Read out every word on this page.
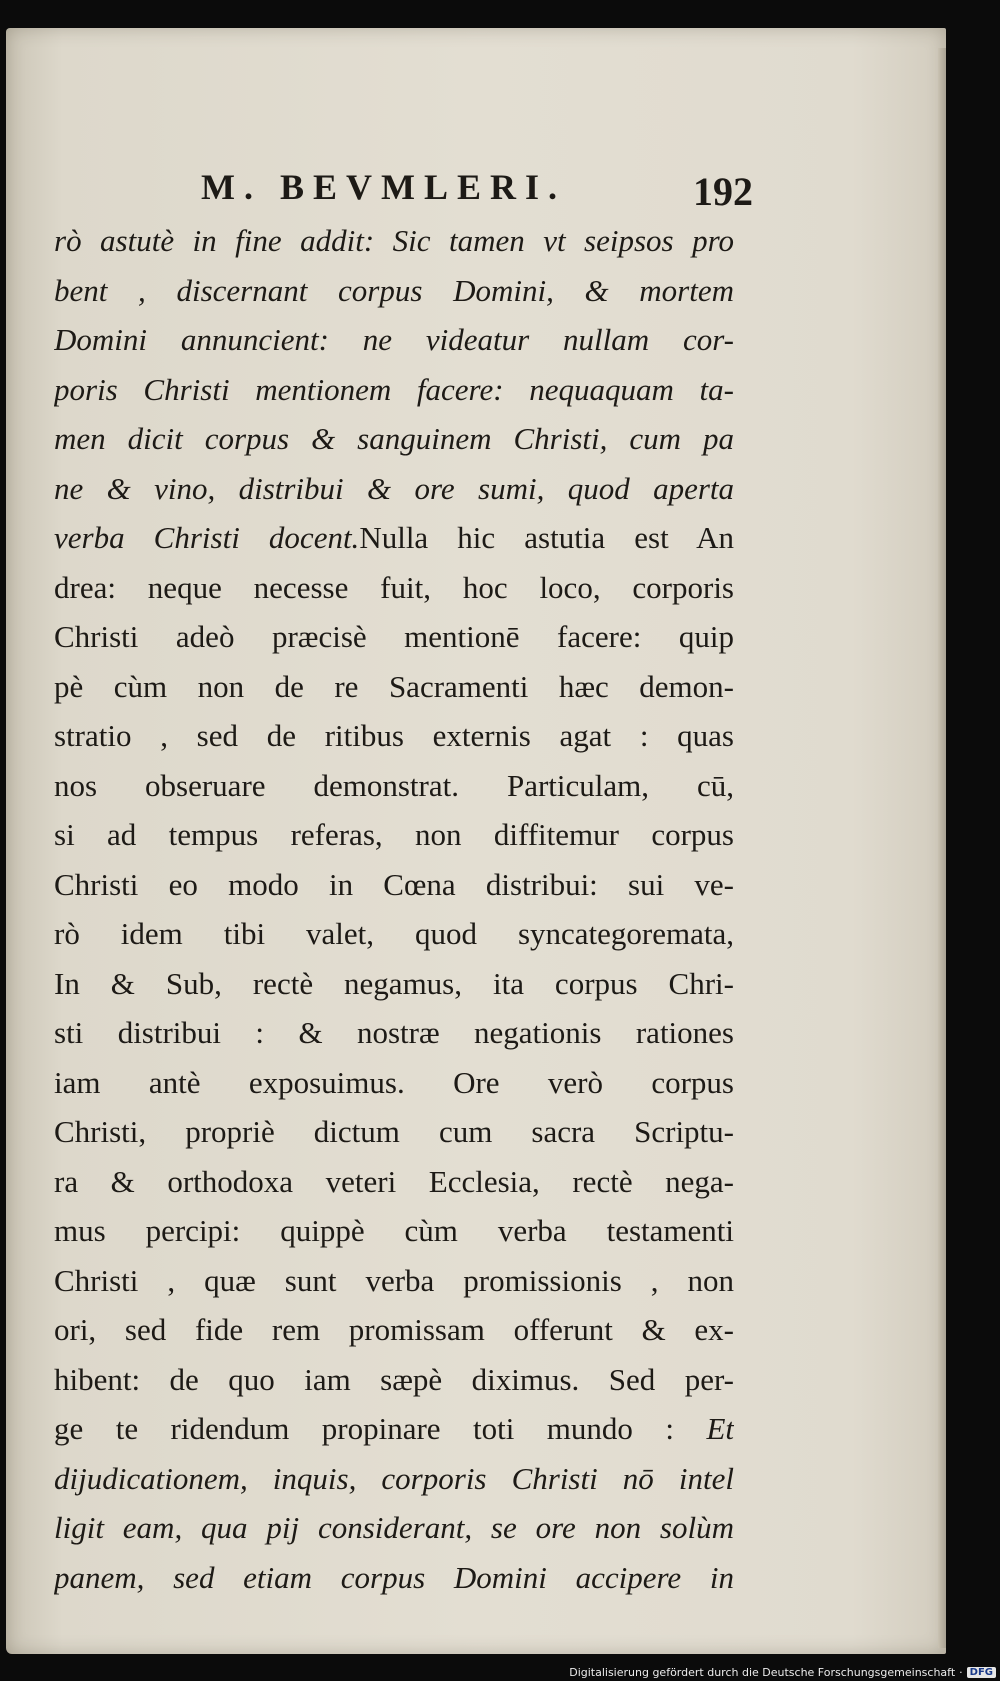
M. BEVMLERI.	192
rò astutè in fine addit: Sic tamen vt seipsos pro
bent , discernant corpus Domini, & mortem
Domini annuncient: ne videatur nullam cor-
poris Christi mentionem facere: nequaquam ta-
men dicit corpus & sanguinem Christi, cum pa
ne & vino, distribui & ore sumi, quod aperta
verba Christi docent.Nulla hic astutia est An
drea: neque necesse fuit, hoc loco, corporis
Christi adeò præcisè mentionē facere: quip
pè cùm non de re Sacramenti hæc demon-
stratio , sed de ritibus externis agat : quas
nos obseruare demonstrat. Particulam, cū,
si ad tempus referas, non diffitemur corpus
Christi eo modo in Cœna distribui: sui ve-
rò idem tibi valet, quod syncategoremata,
In & Sub, rectè negamus, ita corpus Chri-
sti distribui : & nostræ negationis rationes
iam antè exposuimus. Ore verò corpus
Christi, propriè dictum cum sacra Scriptu-
ra & orthodoxa veteri Ecclesia, rectè nega-
mus percipi: quippè cùm verba testamenti
Christi , quæ sunt verba promissionis , non
ori, sed fide rem promissam offerunt & ex-
hibent: de quo iam sæpè diximus. Sed per-
ge te ridendum propinare toti mundo : Et
dijudicationem, inquis, corporis Christi nō intel
ligit eam, qua pij considerant, se ore non solùm
panem, sed etiam corpus Domini accipere in
Digitalisierung gefördert durch die Deutsche Forschungsgemeinschaft · DFG
